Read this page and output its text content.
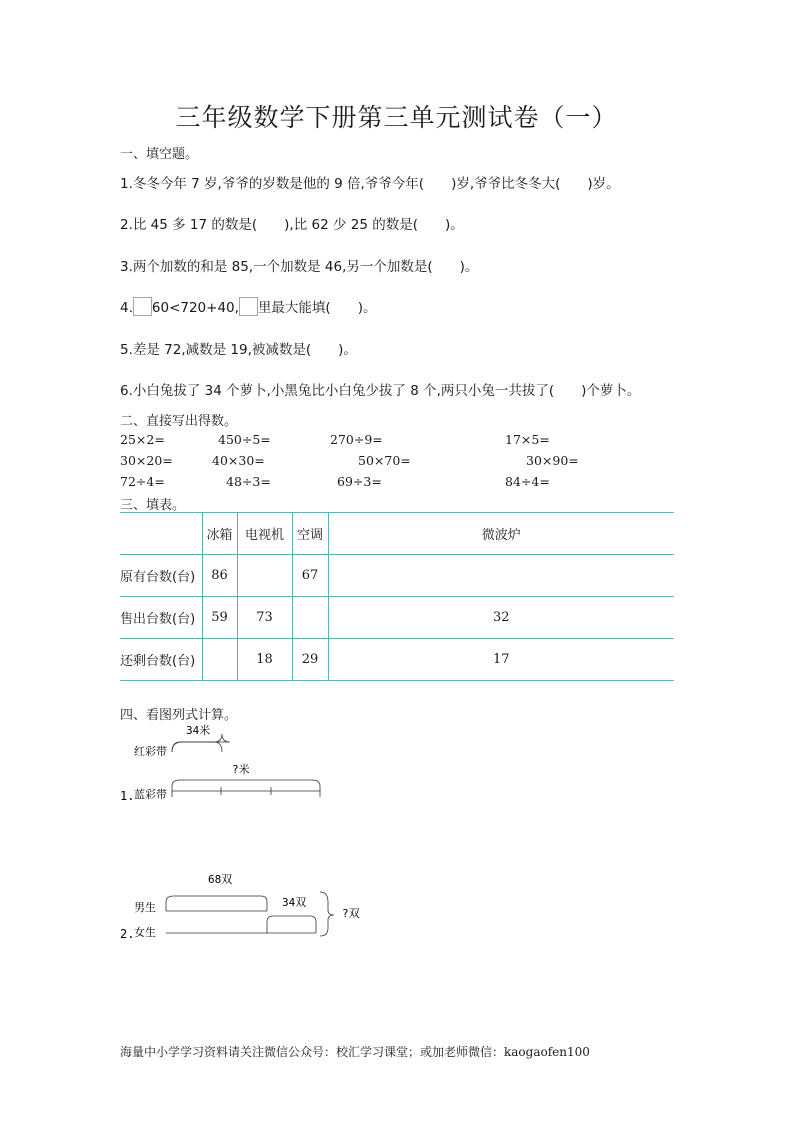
三年级数学下册第三单元测试卷（一）
一、填空题。
1.冬冬今年 7 岁,爷爷的岁数是他的 9 倍,爷爷今年(　　)岁,爷爷比冬冬大(　　)岁。
2.比 45 多 17 的数是(　　),比 62 少 25 的数是(　　)。
3.两个加数的和是 85,一个加数是 46,另一个加数是(　　)。
4. 60<720+40, 里最大能填(　　)。
5.差是 72,减数是 19,被减数是(　　)。
6.小白兔拔了 34 个萝卜,小黑兔比小白兔少拔了 8 个,两只小兔一共拔了(　　)个萝卜。
二、直接写出得数。
25×2=	450÷5=	270÷9=	17×5=
30×20=	40×30=	50×70=	30×90=
72÷4=	48÷3=	69÷3=	84÷4=
三、填表。
	冰箱	电视机	空调	微波炉
原有台数(台)	86		67	
售出台数(台)	59	73		32
还剩台数(台)		18	29	17
四、看图列式计算。
34米
红彩带
?米
1. 蓝彩带
68双
男生	34双
?双
2. 女生
海量中小学学习资料请关注微信公众号：校汇学习课堂；或加老师微信：kaogaofen100
